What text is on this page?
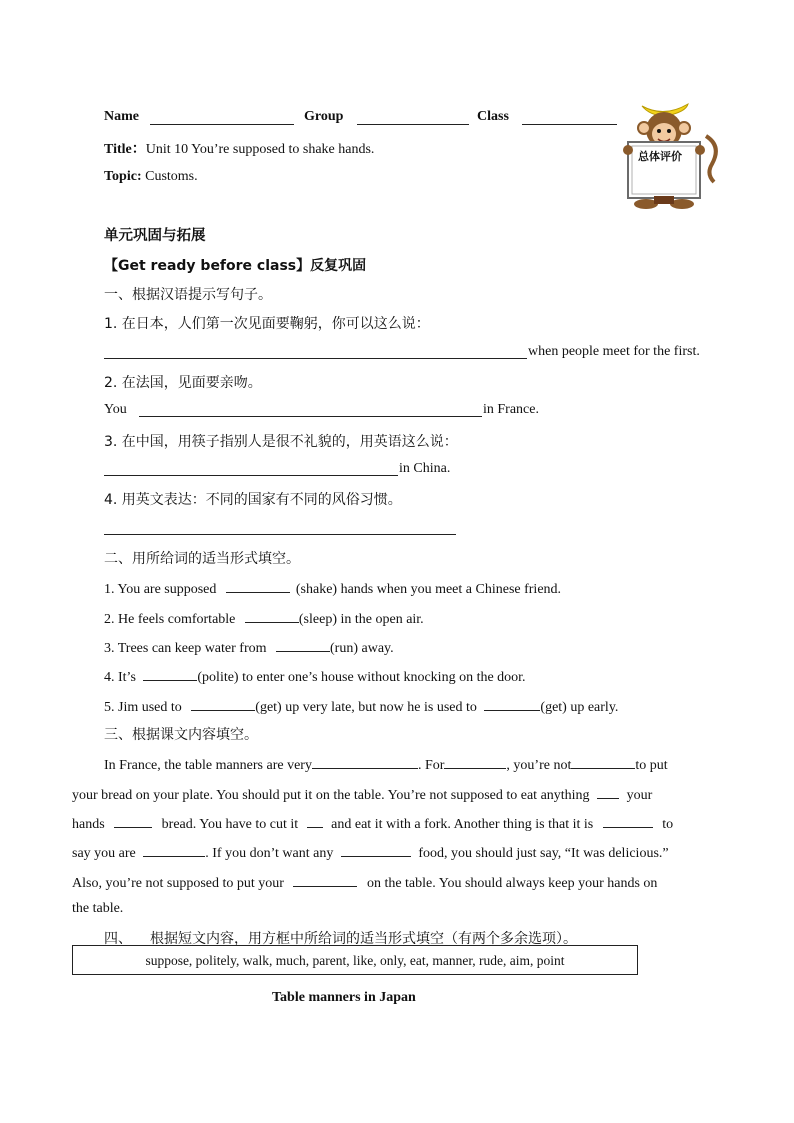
Name	Group	Class
Title：Unit 10 You’re supposed to shake hands.
Topic: Customs.
总体评价
单元巩固与拓展
【Get ready before class】反复巩固
一、根据汉语提示写句子。
1. 在日本，人们第一次见面要鞠躬，你可以这么说：
when people meet for the first.
2. 在法国，见面要亲吻。
You	in France.
3. 在中国，用筷子指别人是很不礼貌的，用英语这么说：
in China.
4. 用英文表达：不同的国家有不同的风俗习惯。
二、用所给词的适当形式填空。
1. You are supposed	(shake) hands when you meet a Chinese friend.
2. He feels comfortable	(sleep) in the open air.
3. Trees can keep water from	(run) away.
4. It’s	(polite) to enter one’s house without knocking on the door.
5. Jim used to	(get) up very late, but now he is used to	(get) up early.
三、根据课文内容填空。
In France, the table manners are very	. For	, you’re not	to put
your bread on your plate. You should put it on the table. You’re not supposed to eat anything	your
hands	bread. You have to cut it and eat it with a fork. Another thing is that it is	to
say you are	. If you don’t want any	food, you should just say, “It was delicious.”
Also, you’re not supposed to put your	on the table. You should always keep your hands on
the table.
四、 根据短文内容，用方框中所给词的适当形式填空（有两个多余选项）。
suppose, politely, walk, much, parent, like, only, eat, manner, rude, aim, point
Table manners in Japan
